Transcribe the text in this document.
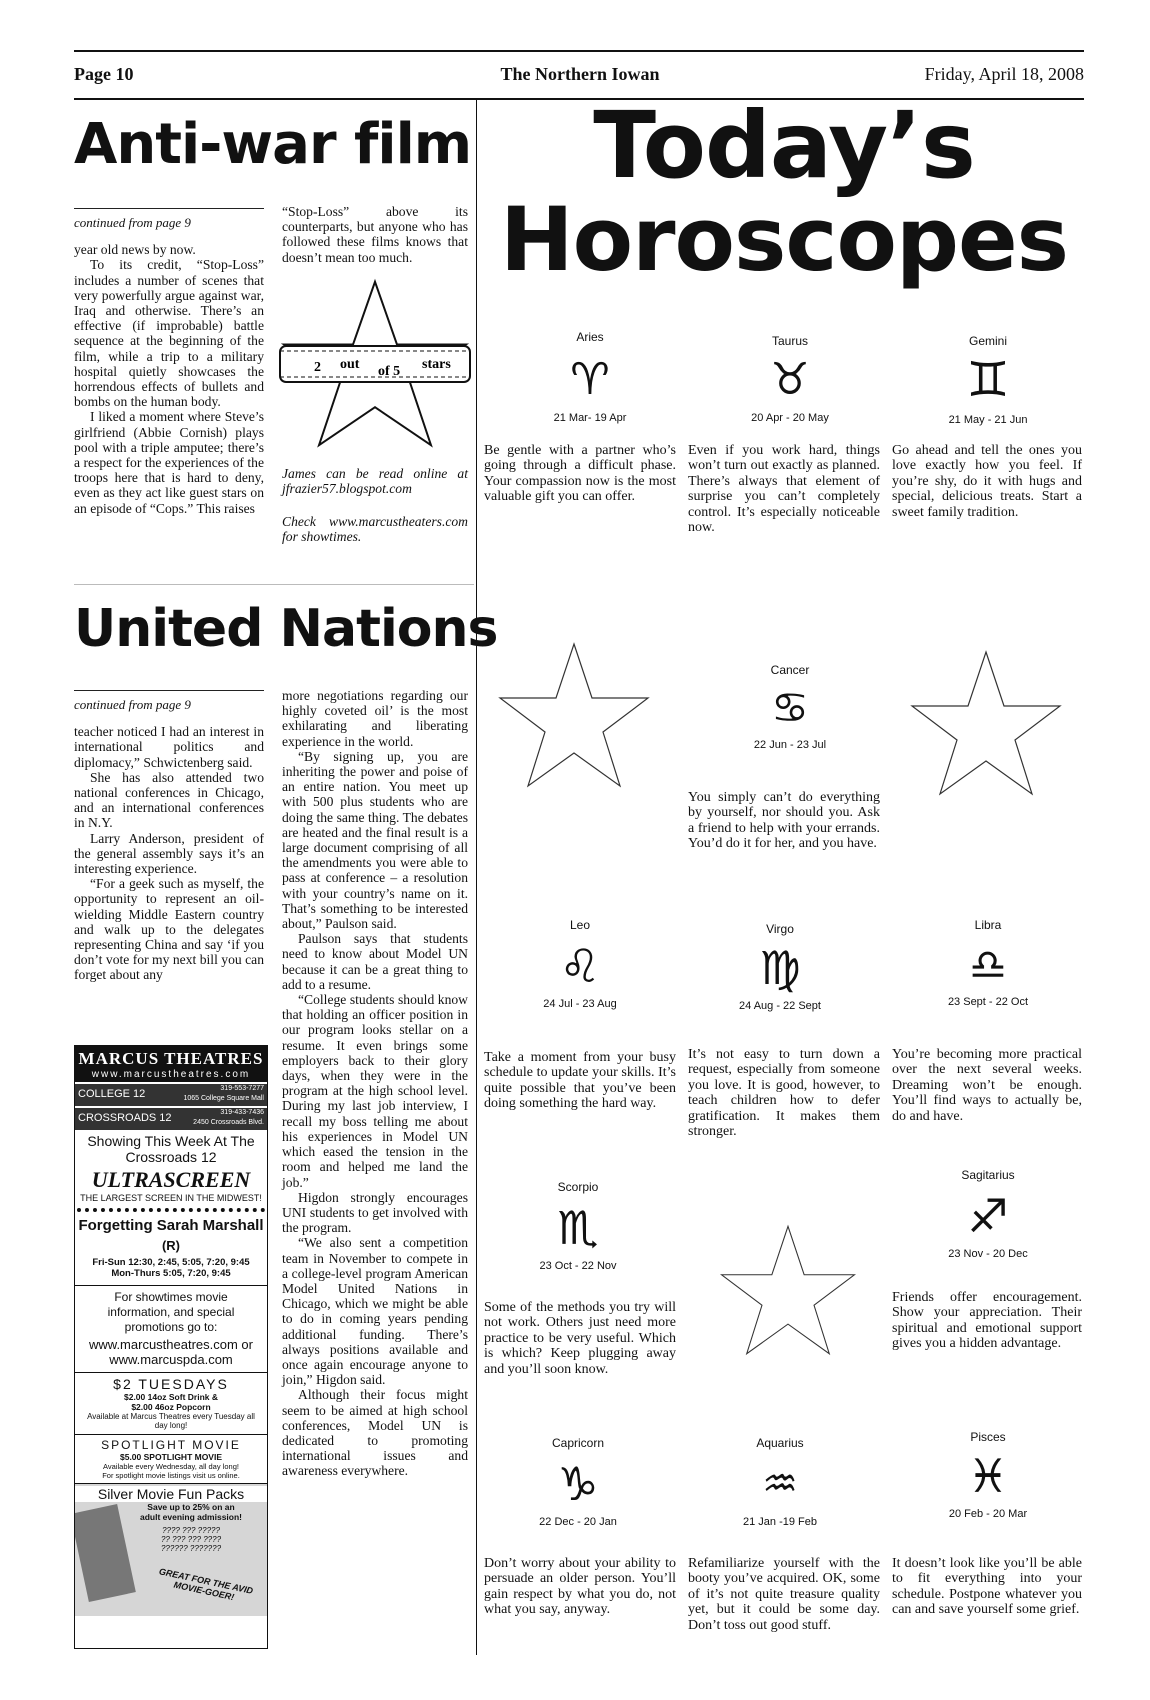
Page 10	The Northern Iowan	Friday, April 18, 2008
Anti-war film
continued from page 9

year old news by now.

To its credit, “Stop-Loss” includes a number of scenes that very powerfully argue against war, Iraq and otherwise. There’s an effective (if improbable) battle sequence at the beginning of the film, while a trip to a military hospital quietly showcases the horrendous effects of bullets and bombs on the human body.

I liked a moment where Steve’s girlfriend (Abbie Cornish) plays pool with a triple amputee; there’s a respect for the experiences of the troops here that is hard to deny, even as they act like guest stars on an episode of “Cops.” This raises

“Stop-Loss” above its counterparts, but anyone who has followed these films knows that doesn’t mean too much.

2 out of 5 stars
James can be read online at jfrazier57.blogspot.com
Check www.marcustheaters.com for showtimes.
United Nations
continued from page 9

teacher noticed I had an interest in international politics and diplomacy,” Schwictenberg said.

She has also attended two national conferences in Chicago, and an international conferences in N.Y.

Larry Anderson, president of the general assembly says it’s an interesting experience.

“For a geek such as myself, the opportunity to represent an oil-wielding Middle Eastern country and walk up to the delegates representing China and say ‘if you don’t vote for my next bill you can forget about any

more negotiations regarding our highly coveted oil’ is the most exhilarating and liberating experience in the world.

“By signing up, you are inheriting the power and poise of an entire nation. You meet up with 500 plus students who are doing the same thing. The debates are heated and the final result is a large document comprising of all the amendments you were able to pass at conference – a resolution with your country’s name on it. That’s something to be interested about,” Paulson said.

Paulson says that students need to know about Model UN because it can be a great thing to add to a resume.

“College students should know that holding an officer position in our program looks stellar on a resume. It even brings some employers back to their glory days, when they were in the program at the high school level. During my last job interview, I recall my boss telling me about his experiences in Model UN which eased the tension in the room and helped me land the job.”

Higdon strongly encourages UNI students to get involved with the program.

“We also sent a competition team in November to compete in a college-level program American Model United Nations in Chicago, which we might be able to do in coming years pending additional funding. There’s always positions available and once again encourage anyone to join,” Higdon said.

Although their focus might seem to be aimed at high school conferences, Model UN is dedicated to promoting international issues and awareness everywhere.

MARCUS THEATRES
www.marcustheatres.com
COLLEGE 12	319-553-7277
1065 College Square Mall
CROSSROADS 12	319-433-7436
2450 Crossroads Blvd.
Showing This Week At The Crossroads 12
ULTRASCREEN
THE LARGEST SCREEN IN THE MIDWEST!
Forgetting Sarah Marshall
(R)
Fri-Sun 12:30, 2:45, 5:05, 7:20, 9:45
Mon-Thurs 5:05, 7:20, 9:45
For showtimes movie information, and special promotions go to:
www.marcustheatres.com or
www.marcuspda.com
$2 TUESDAYS
$2.00 14oz Soft Drink &
$2.00 46oz Popcorn
Available at Marcus Theatres every Tuesday all day long!
SPOTLIGHT MOVIE
$5.00 SPOTLIGHT MOVIE
Available every Wednesday, all day long!
For spotlight movie listings visit us online.
Silver Movie Fun Packs
Save up to 25% on an
adult evening admission!
???? ??? ?????
?? ??? ??? ????
?????? ???????
GREAT FOR THE AVID MOVIE-GOER!
Today’s
Horoscopes
Aries
♈
21 Mar- 19 Apr
Taurus
♉
20 Apr - 20 May
Gemini
♊
21 May - 21 Jun
Be gentle with a partner who’s going through a difficult phase. Your compassion now is the most valuable gift you can offer.
Even if you work hard, things won’t turn out exactly as planned. There’s always that element of surprise you can’t completely control. It’s especially noticeable now.
Go ahead and tell the ones you love exactly how you feel. If you’re shy, do it with hugs and special, delicious treats. Start a sweet family tradition.
Cancer
♋
22 Jun - 23 Jul
You simply can’t do everything by yourself, nor should you. Ask a friend to help with your errands. You’d do it for her, and you have.
Leo
♌
24 Jul - 23 Aug
Virgo
♍
24 Aug - 22 Sept
Libra
♎
23 Sept - 22 Oct
Take a moment from your busy schedule to update your skills. It’s quite possible that you’ve been doing something the hard way.
It’s not easy to turn down a request, especially from someone you love. It is good, however, to teach children how to defer gratification. It makes them stronger.
You’re becoming more practical over the next several weeks. Dreaming won’t be enough. You’ll find ways to actually be, do and have.
Scorpio
♏
23 Oct - 22 Nov
Sagitarius
♐
23 Nov - 20 Dec
Some of the methods you try will not work. Others just need more practice to be very useful. Which is which? Keep plugging away and you’ll soon know.
Friends offer encouragement. Show your appreciation. Their spiritual and emotional support gives you a hidden advantage.
Capricorn
♑
22 Dec - 20 Jan
Aquarius
♒
21 Jan -19 Feb
Pisces
♓
20 Feb - 20 Mar
Don’t worry about your ability to persuade an older person. You’ll gain respect by what you do, not what you say, anyway.
Refamiliarize yourself with the booty you’ve acquired. OK, some of it’s not quite treasure quality yet, but it could be some day. Don’t toss out good stuff.
It doesn’t look like you’ll be able to fit everything into your schedule. Postpone whatever you can and save yourself some grief.
